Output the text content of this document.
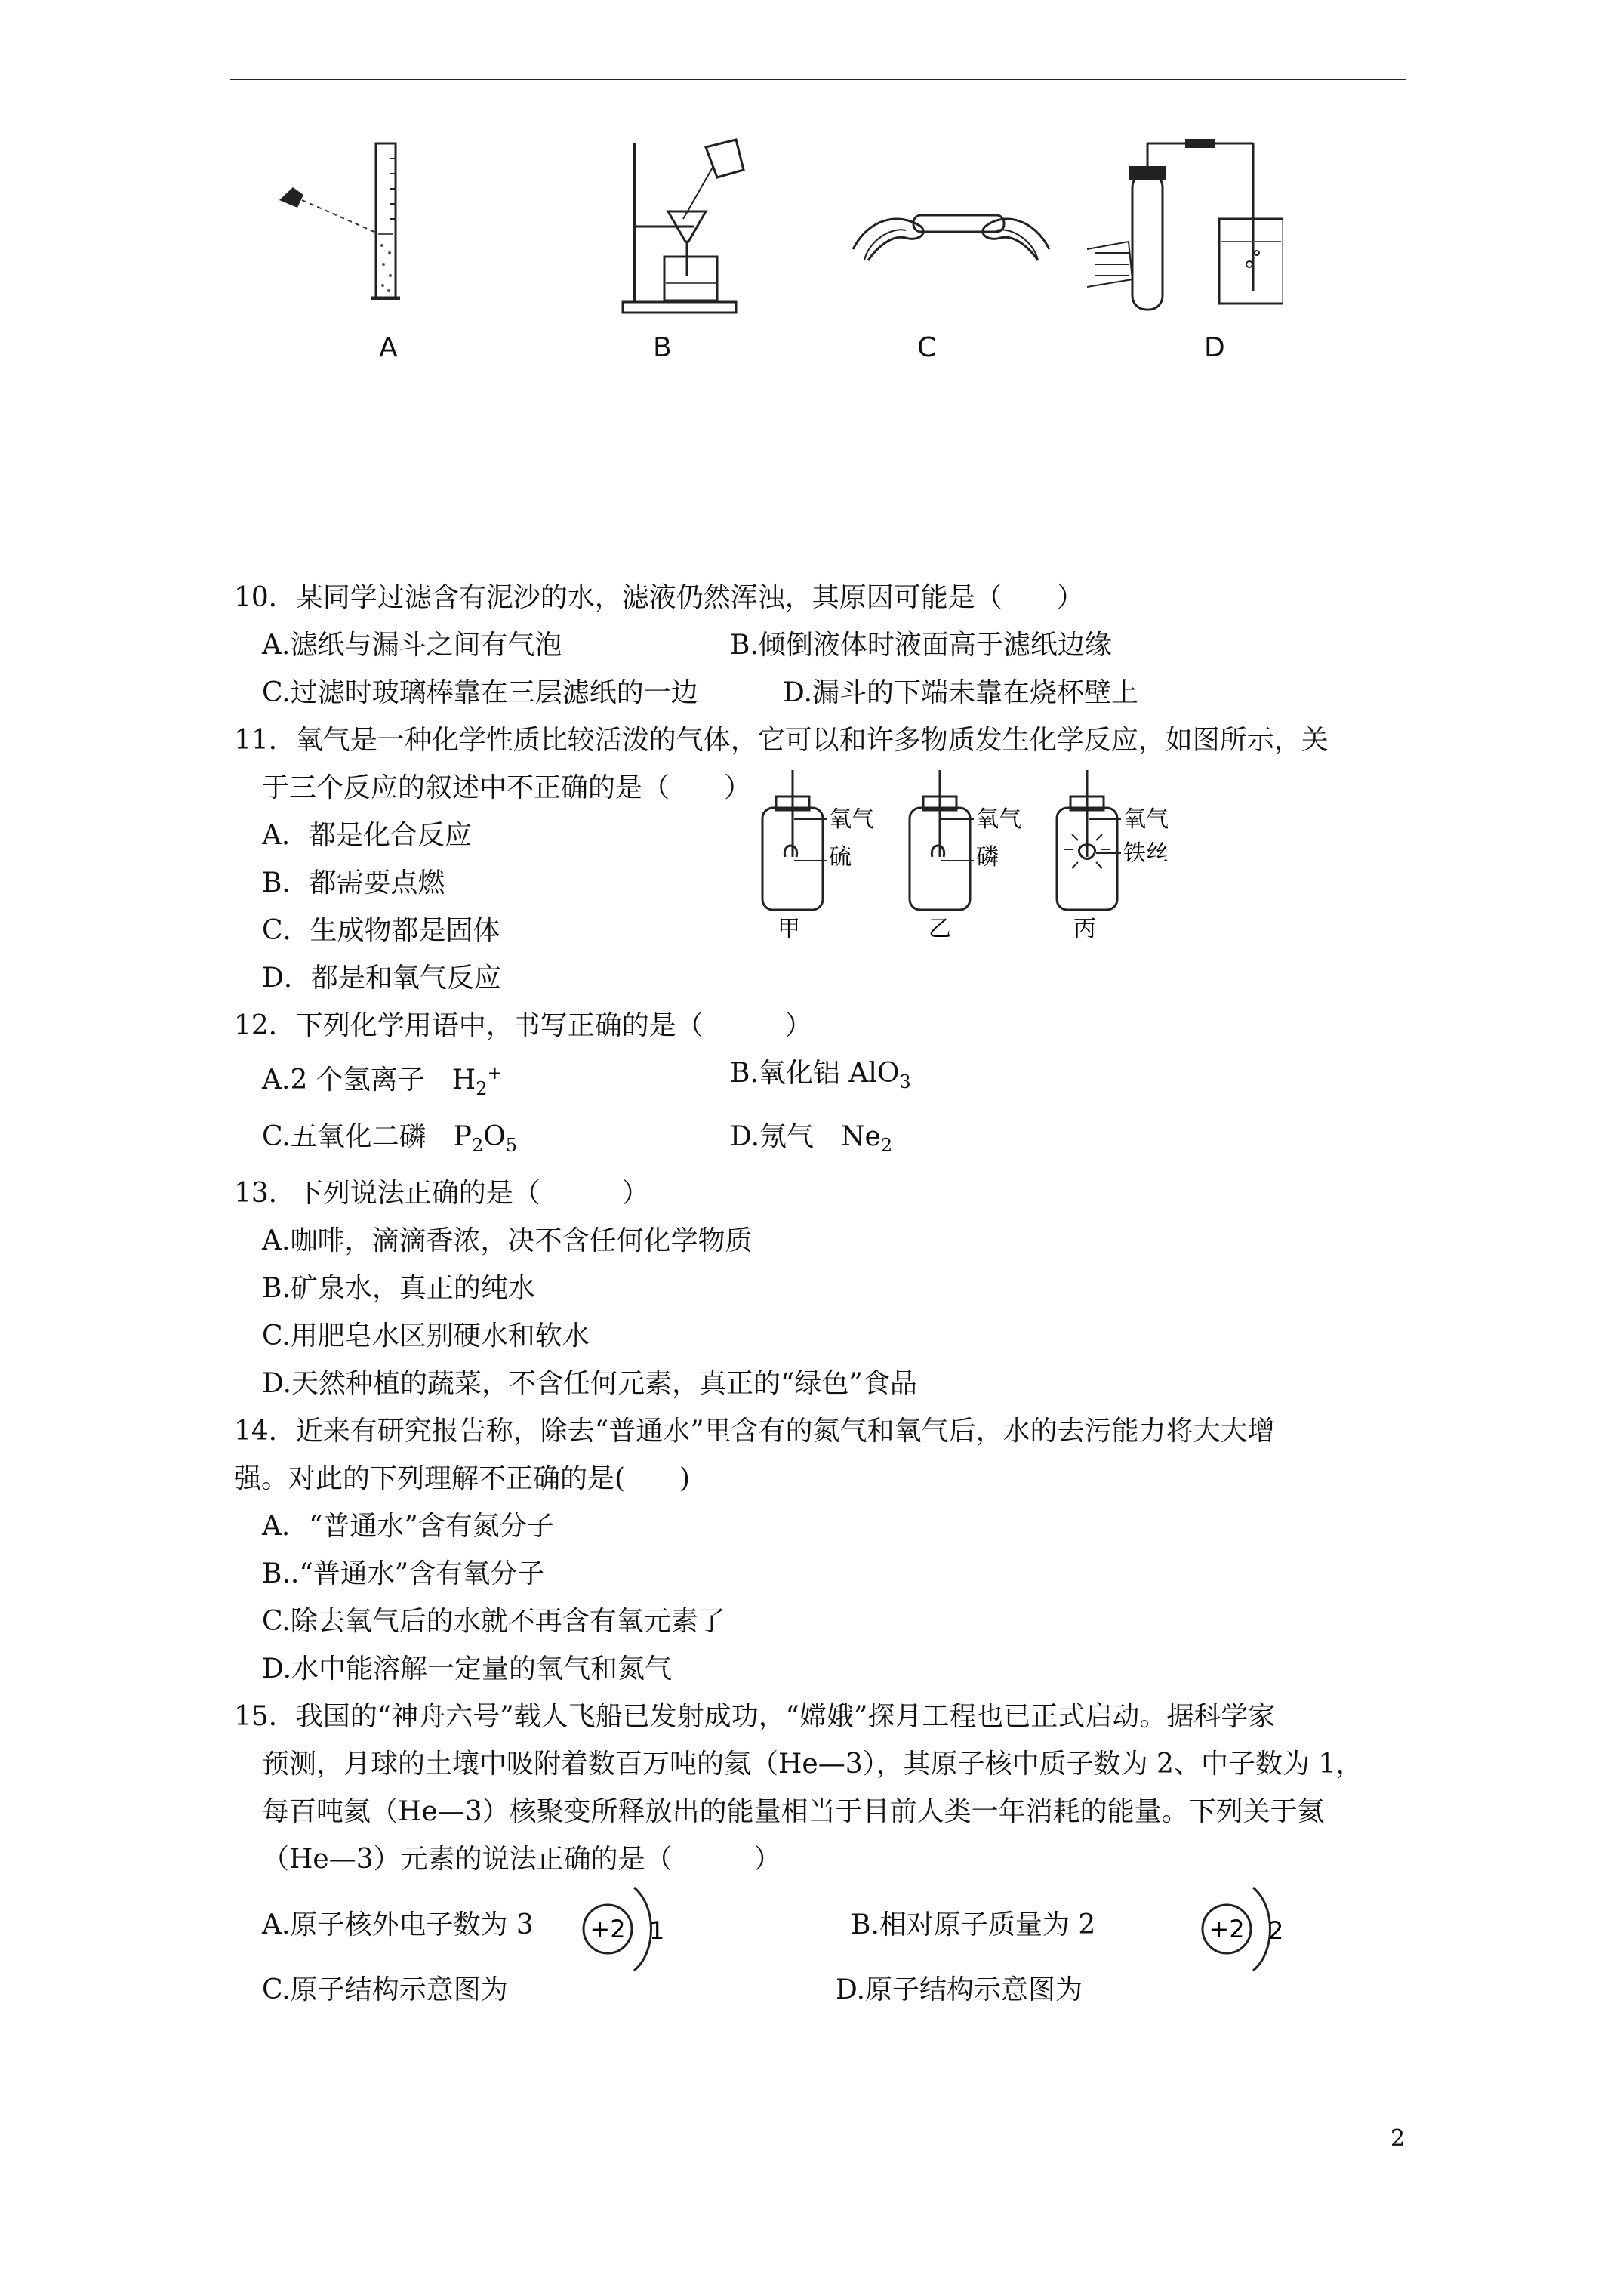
A	B	C	D

10．某同学过滤含有泥沙的水，滤液仍然浑浊，其原因可能是（　　）

A.滤纸与漏斗之间有气泡	B.倾倒液体时液面高于滤纸边缘
C.过滤时玻璃棒靠在三层滤纸的一边	D.漏斗的下端未靠在烧杯壁上

11．氧气是一种化学性质比较活泼的气体，它可以和许多物质发生化学反应，如图所示，关

于三个反应的叙述中不正确的是（　　）

A．都是化合反应

B．都需要点燃

C．生成物都是固体

D．都是和氧气反应

12．下列化学用语中，书写正确的是（　　　）

A.2 个氢离子　$H_2^+$	B.氧化铝 AlO$_3$
C.五氧化二磷　$P_2O_5$	D.氖气　$Ne_2$

13．下列说法正确的是（　　　）

A.咖啡，滴滴香浓，决不含任何化学物质

B.矿泉水，真正的纯水

C.用肥皂水区别硬水和软水

D.天然种植的蔬菜，不含任何元素，真正的“绿色”食品

14．近来有研究报告称，除去“普通水”里含有的氮气和氧气后，水的去污能力将大大增

强。对此的下列理解不正确的是(　　)

A．“普通水”含有氮分子

B..“普通水”含有氧分子

C.除去氧气后的水就不再含有氧元素了

D.水中能溶解一定量的氧气和氮气

15．我国的“神舟六号”载人飞船已发射成功，“嫦娥”探月工程也已正式启动。据科学家

预测，月球的土壤中吸附着数百万吨的氦（He—3），其原子核中质子数为 2、中子数为 1，

每百吨氦（He—3）核聚变所释放出的能量相当于目前人类一年消耗的能量。下列关于氦

（He—3）元素的说法正确的是（　　　）

A.原子核外电子数为 3	B.相对原子质量为 2
C.原子结构示意图为	D.原子结构示意图为
氧气
硫
甲
氧气
磷
乙
氧气
铁丝
丙
+2 1	+2 2
2
